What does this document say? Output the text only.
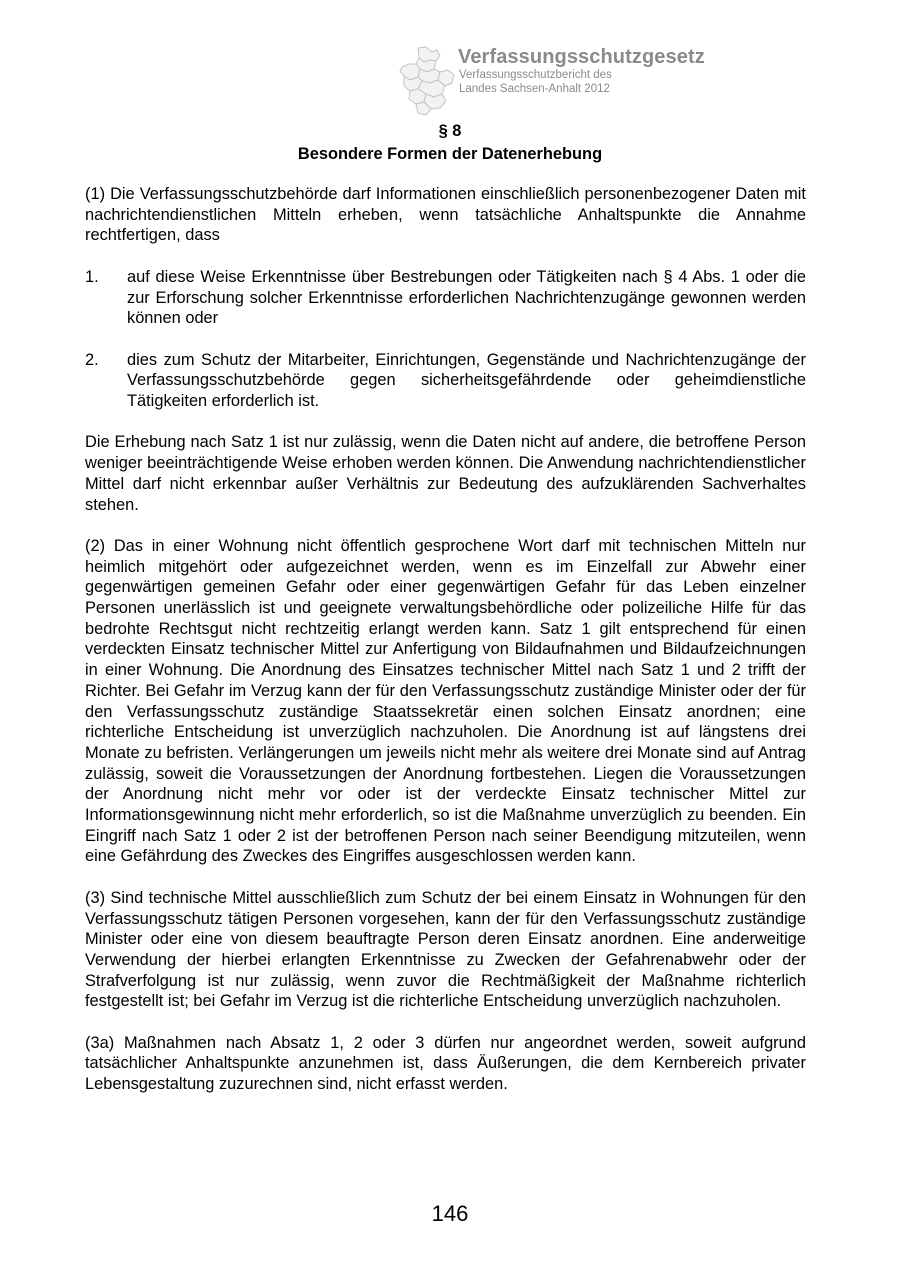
Verfassungsschutzgesetz
Verfassungsschutzbericht des
Landes Sachsen-Anhalt 2012
§ 8
Besondere Formen der Datenerhebung

(1) Die Verfassungsschutzbehörde darf Informationen einschließlich personenbezogener Daten mit nachrichtendienstlichen Mitteln erheben, wenn tatsächliche Anhaltspunkte die Annahme rechtfertigen, dass

1. auf diese Weise Erkenntnisse über Bestrebungen oder Tätigkeiten nach § 4 Abs. 1 oder die zur Erforschung solcher Erkenntnisse erforderlichen Nachrichtenzugänge gewonnen werden können oder
2. dies zum Schutz der Mitarbeiter, Einrichtungen, Gegenstände und Nachrichtenzugänge der Verfassungsschutzbehörde gegen sicherheitsgefährdende oder geheimdienstliche Tätigkeiten erforderlich ist.

Die Erhebung nach Satz 1 ist nur zulässig, wenn die Daten nicht auf andere, die betroffene Person weniger beeinträchtigende Weise erhoben werden können. Die Anwendung nachrichtendienstlicher Mittel darf nicht erkennbar außer Verhältnis zur Bedeutung des aufzuklärenden Sachverhaltes stehen.

(2) Das in einer Wohnung nicht öffentlich gesprochene Wort darf mit technischen Mitteln nur heimlich mitgehört oder aufgezeichnet werden, wenn es im Einzelfall zur Abwehr einer gegenwärtigen gemeinen Gefahr oder einer gegenwärtigen Gefahr für das Leben einzelner Personen unerlässlich ist und geeignete verwaltungsbehördliche oder polizeiliche Hilfe für das bedrohte Rechtsgut nicht rechtzeitig erlangt werden kann. Satz 1 gilt entsprechend für einen verdeckten Einsatz technischer Mittel zur Anfertigung von Bildaufnahmen und Bildaufzeichnungen in einer Wohnung. Die Anordnung des Einsatzes technischer Mittel nach Satz 1 und 2 trifft der Richter. Bei Gefahr im Verzug kann der für den Verfassungsschutz zuständige Minister oder der für den Verfassungsschutz zuständige Staatssekretär einen solchen Einsatz anordnen; eine richterliche Entscheidung ist unverzüglich nachzuholen. Die Anordnung ist auf längstens drei Monate zu befristen. Verlängerungen um jeweils nicht mehr als weitere drei Monate sind auf Antrag zulässig, soweit die Voraussetzungen der Anordnung fortbestehen. Liegen die Voraussetzungen der Anordnung nicht mehr vor oder ist der verdeckte Einsatz technischer Mittel zur Informationsgewinnung nicht mehr erforderlich, so ist die Maßnahme unverzüglich zu beenden. Ein Eingriff nach Satz 1 oder 2 ist der betroffenen Person nach seiner Beendigung mitzuteilen, wenn eine Gefährdung des Zweckes des Eingriffes ausgeschlossen werden kann.

(3) Sind technische Mittel ausschließlich zum Schutz der bei einem Einsatz in Wohnungen für den Verfassungsschutz tätigen Personen vorgesehen, kann der für den Verfassungsschutz zuständige Minister oder eine von diesem beauftragte Person deren Einsatz anordnen. Eine anderweitige Verwendung der hierbei erlangten Erkenntnisse zu Zwecken der Gefahrenabwehr oder der Strafverfolgung ist nur zulässig, wenn zuvor die Rechtmäßigkeit der Maßnahme richterlich festgestellt ist; bei Gefahr im Verzug ist die richterliche Entscheidung unverzüglich nachzuholen.

(3a) Maßnahmen nach Absatz 1, 2 oder 3 dürfen nur angeordnet werden, soweit aufgrund tatsächlicher Anhaltspunkte anzunehmen ist, dass Äußerungen, die dem Kernbereich privater Lebensgestaltung zuzurechnen sind, nicht erfasst werden.

146
